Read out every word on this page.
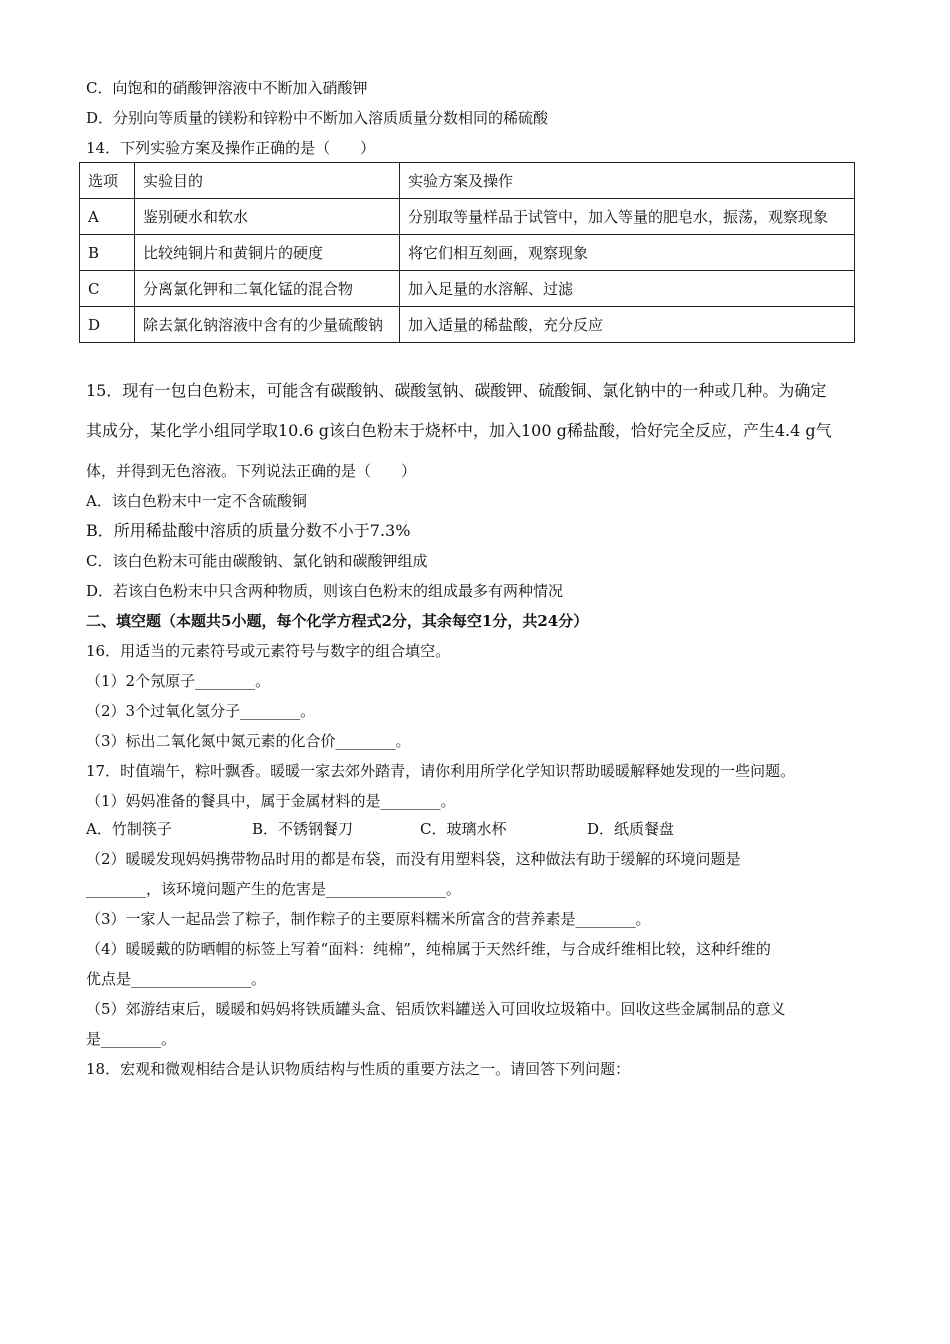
C．向饱和的硝酸钾溶液中不断加入硝酸钾
D．分别向等质量的镁粉和锌粉中不断加入溶质质量分数相同的稀硫酸
14．下列实验方案及操作正确的是（　　）
选项	实验目的	实验方案及操作
A	鉴别硬水和软水	分别取等量样品于试管中，加入等量的肥皂水，振荡，观察现象
B	比较纯铜片和黄铜片的硬度	将它们相互刻画，观察现象
C	分离氯化钾和二氧化锰的混合物	加入足量的水溶解、过滤
D	除去氯化钠溶液中含有的少量硫酸钠	加入适量的稀盐酸，充分反应
15．现有一包白色粉末，可能含有碳酸钠、碳酸氢钠、碳酸钾、硫酸铜、氯化钠中的一种或几种。为确定
其成分，某化学小组同学取10.6 g该白色粉末于烧杯中，加入100 g稀盐酸，恰好完全反应，产生4.4 g气
体，并得到无色溶液。下列说法正确的是（　　）
A．该白色粉末中一定不含硫酸铜
B．所用稀盐酸中溶质的质量分数不小于7.3%
C．该白色粉末可能由碳酸钠、氯化钠和碳酸钾组成
D．若该白色粉末中只含两种物质，则该白色粉末的组成最多有两种情况
二、填空题（本题共5小题，每个化学方程式2分，其余每空1分，共24分）
16．用适当的元素符号或元素符号与数字的组合填空。
（1）2个氖原子________。
（2）3个过氧化氢分子________。
（3）标出二氧化氮中氮元素的化合价________。
17．时值端午，粽叶飘香。暖暖一家去郊外踏青，请你利用所学化学知识帮助暖暖解释她发现的一些问题。
（1）妈妈准备的餐具中，属于金属材料的是________。
A．竹制筷子	B．不锈钢餐刀	C．玻璃水杯	D．纸质餐盘
（2）暖暖发现妈妈携带物品时用的都是布袋，而没有用塑料袋，这种做法有助于缓解的环境问题是
________，该环境问题产生的危害是________________。
（3）一家人一起品尝了粽子，制作粽子的主要原料糯米所富含的营养素是________。
（4）暖暖戴的防晒帽的标签上写着“面料：纯棉”，纯棉属于天然纤维，与合成纤维相比较，这种纤维的
优点是________________。
（5）郊游结束后，暖暖和妈妈将铁质罐头盒、铝质饮料罐送入可回收垃圾箱中。回收这些金属制品的意义
是________。
18．宏观和微观相结合是认识物质结构与性质的重要方法之一。请回答下列问题：
